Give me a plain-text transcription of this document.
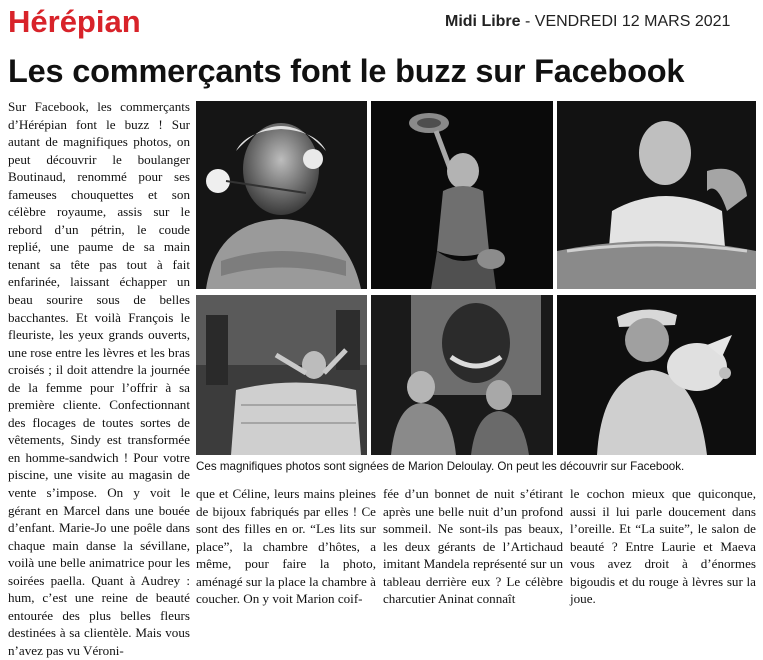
Hérépian	Midi Libre - VENDREDI 12 MARS 2021
Les commerçants font le buzz sur Facebook

Sur Facebook, les commerçants d’Hérépian font le buzz ! Sur autant de magnifiques photos, on peut découvrir le boulanger Boutinaud, renommé pour ses fameuses chouquettes et son célèbre royaume, assis sur le rebord d’un pétrin, le coude replié, une paume de sa main tenant sa tête pas tout à fait enfarinée, laissant échapper un beau sourire sous de belles bacchantes. Et voilà François le fleuriste, les yeux grands ouverts, une rose entre les lèvres et les bras croisés ; il doit attendre la journée de la femme pour l’offrir à sa première cliente. Confectionnant des flocages de toutes sortes de vêtements, Sindy est transformée en homme-sandwich ! Pour votre piscine, une visite au magasin de vente s’impose. On y voit le gérant en Marcel dans une bouée d’enfant. Marie-Jo une poêle dans chaque main danse la sévillane, voilà une belle animatrice pour les soirées paella. Quant à Audrey : hum, c’est une reine de beauté entourée des plus belles fleurs destinées à sa clientèle. Mais vous n’avez pas vu Véroni-

Ces magnifiques photos sont signées de Marion Deloulay. On peut les découvrir sur Facebook.

que et Céline, leurs mains pleines de bijoux fabriqués par elles ! Ce sont des filles en or. “Les lits sur place”, la chambre d’hôtes, a même, pour faire la photo, aménagé sur la place la chambre à coucher. On y voit Marion coif-

fée d’un bonnet de nuit s’étirant après une belle nuit d’un profond sommeil. Ne sont-ils pas beaux, les deux gérants de l’Artichaud imitant Mandela représenté sur un tableau derrière eux ? Le célèbre charcutier Aninat connaît

le cochon mieux que quiconque, aussi il lui parle doucement dans l’oreille. Et “La suite”, le salon de beauté ? Entre Laurie et Maeva vous avez droit à d’énormes bigoudis et du rouge à lèvres sur la joue.
